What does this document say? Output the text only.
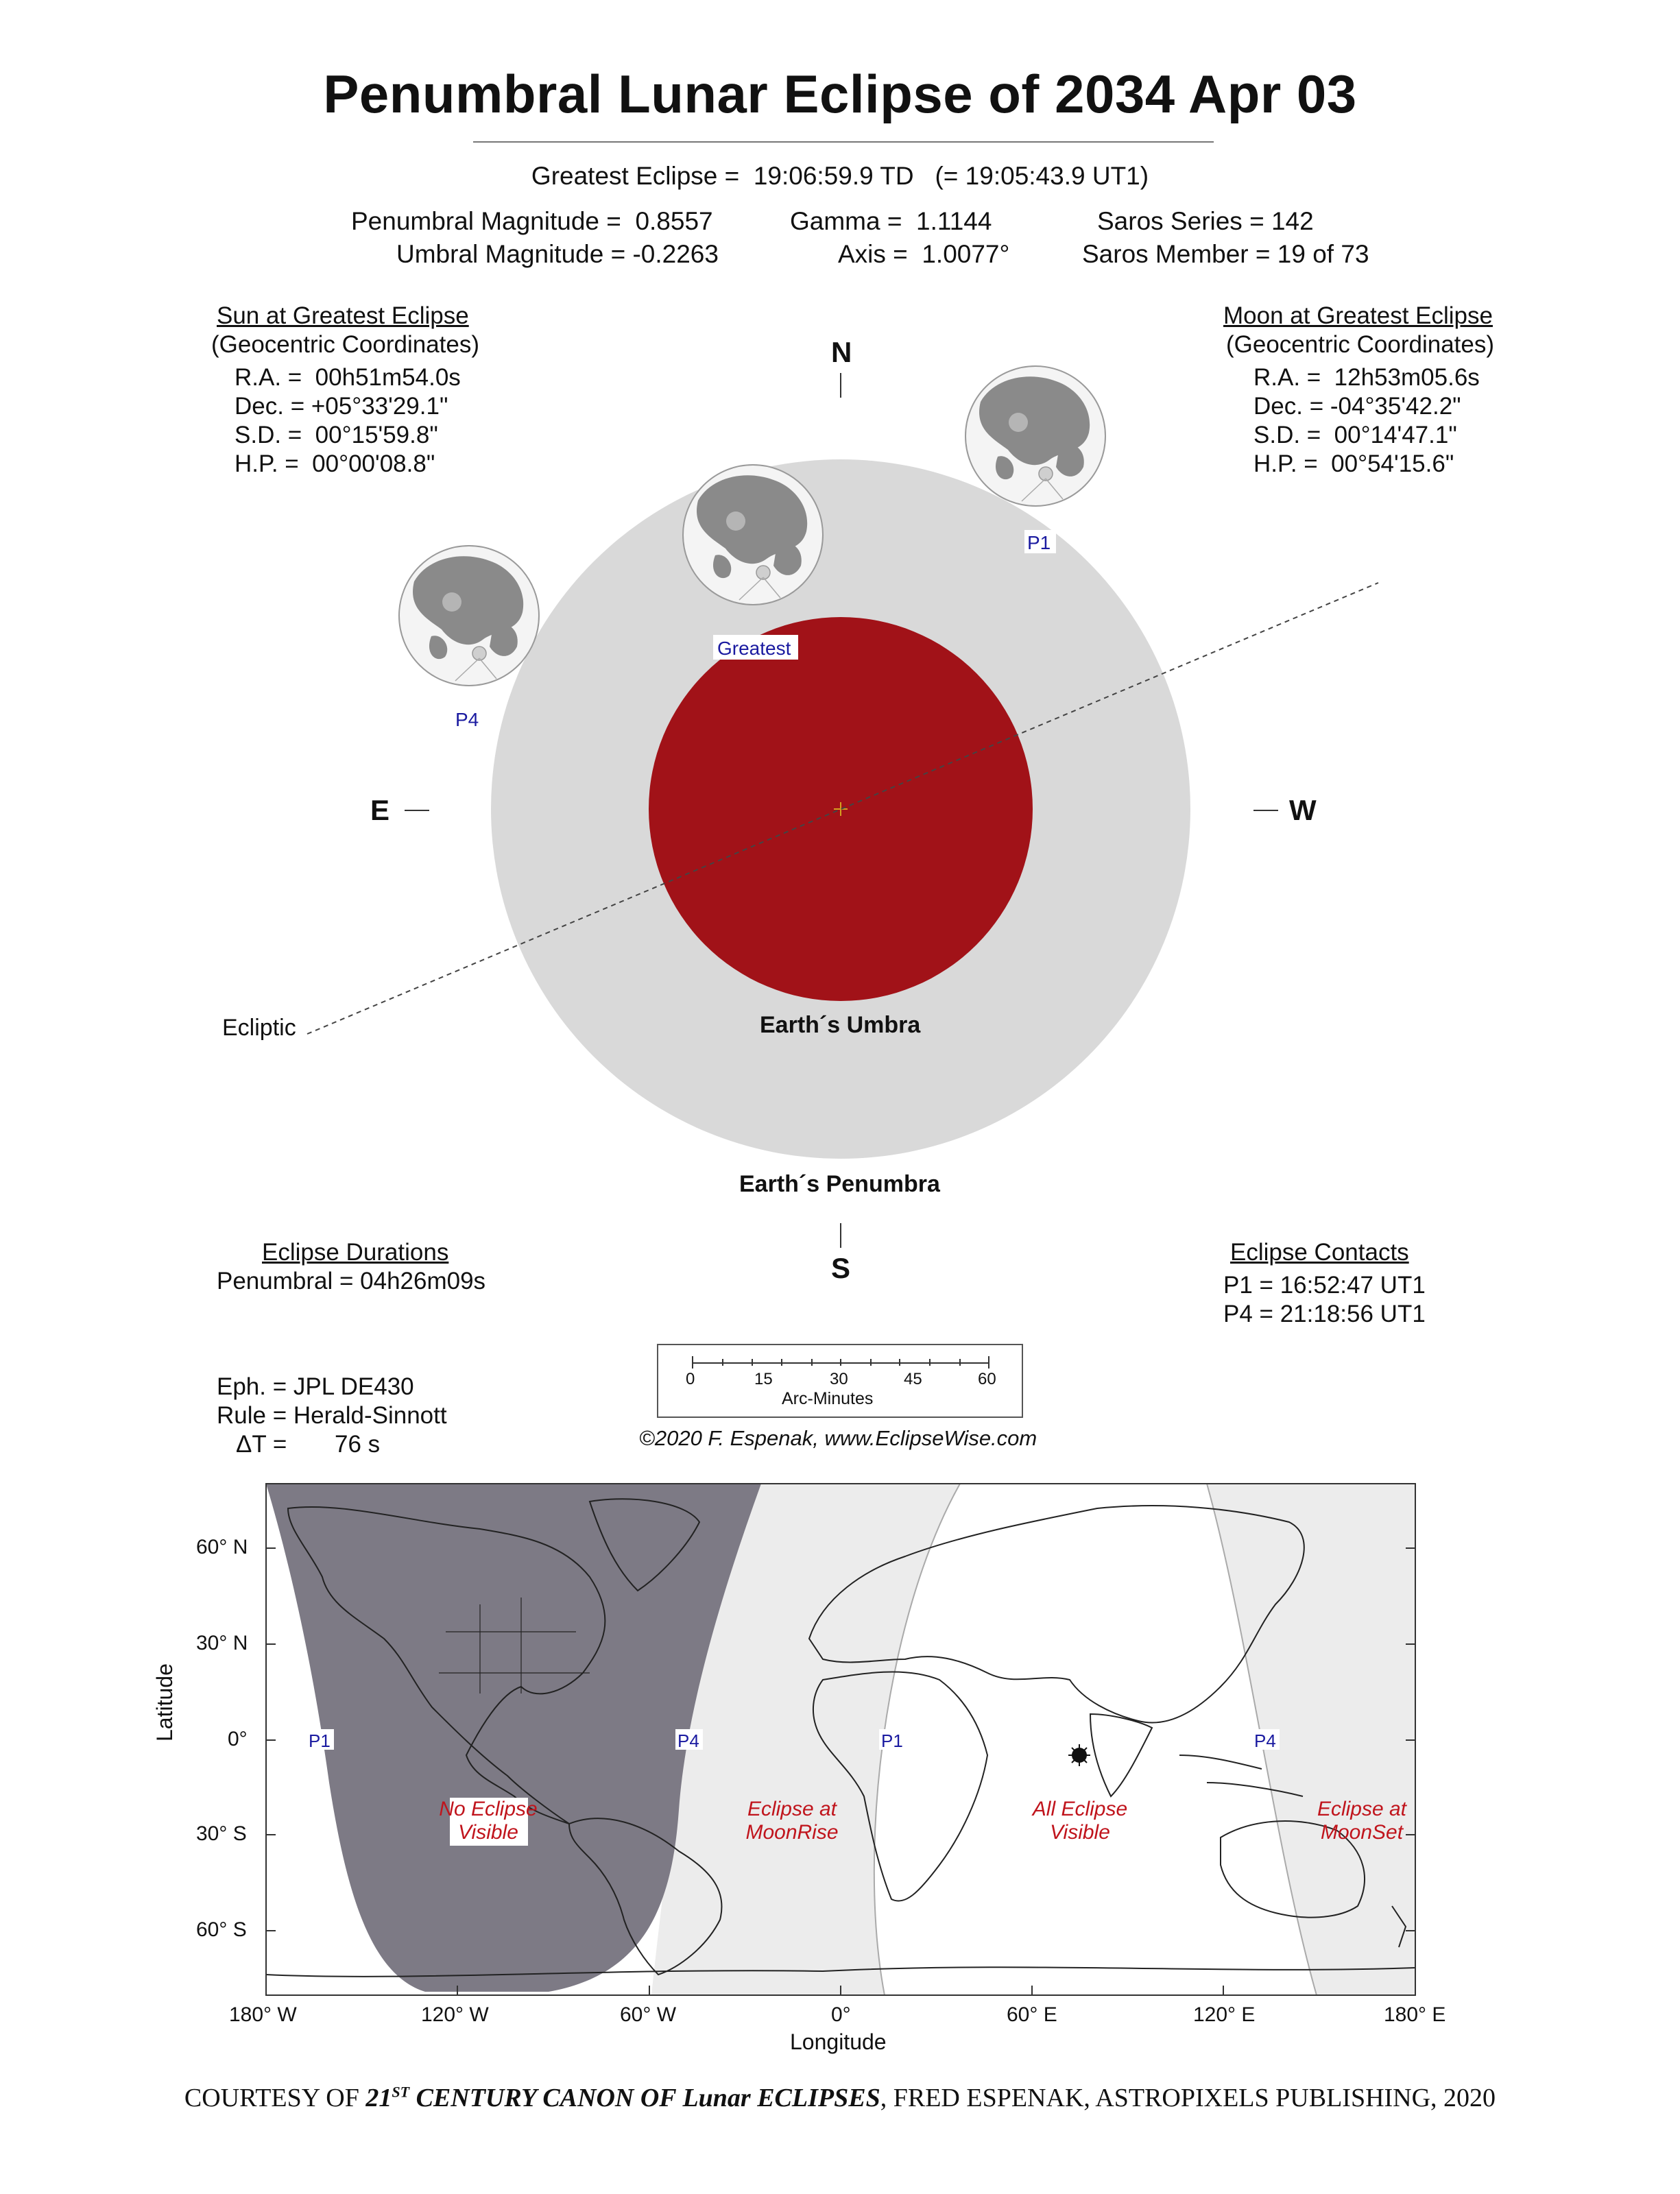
Penumbral Lunar Eclipse of 2034 Apr 03
Greatest Eclipse =  19:06:59.9 TD   (= 19:05:43.9 UT1)
Penumbral Magnitude =  0.8557
Umbral Magnitude = -0.2263
Gamma =  1.1144
Axis =  1.0077°
Saros Series = 142
Saros Member = 19 of 73
Sun at Greatest Eclipse
(Geocentric Coordinates)
R.A. =  00h51m54.0s
Dec. = +05°33'29.1"
S.D. =  00°15'59.8"
H.P. =  00°00'08.8"
Moon at Greatest Eclipse
(Geocentric Coordinates)
R.A. =  12h53m05.6s
Dec. = -04°35'42.2"
S.D. =  00°14'47.1"
H.P. =  00°54'15.6"
N
S
E	W
P1
P4
Greatest
Ecliptic	Earth´s Umbra
Earth´s Penumbra
Eclipse Durations
Penumbral = 04h26m09s
Eclipse Contacts
P1 = 16:52:47 UT1
P4 = 21:18:56 UT1
Eph. = JPL DE430
Rule = Herald-Sinnott
ΔT = 76 s
0	15	30	45	60
Arc-Minutes
©2020 F. Espenak, www.EclipseWise.com
P1	P4	P1	P4
No Eclipse
Visible
Eclipse at
MoonRise
All Eclipse
Visible
Eclipse at
MoonSet
60° N
30° N
0°
30° S
60° S
180° W	120° W	60° W	0°	60° E	120° E	180° E
Longitude
Latitude
COURTESY OF 21ST CENTURY CANON OF Lunar ECLIPSES, FRED ESPENAK, ASTROPIXELS PUBLISHING, 2020
